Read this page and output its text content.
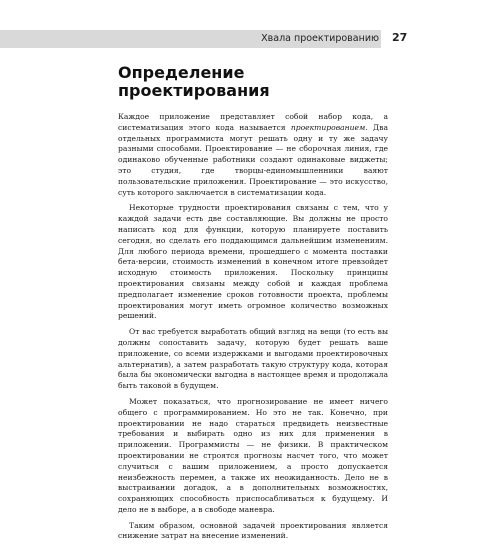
Хвала проектированию 27
Определение проектирования

Каждое приложение представляет собой набор кода, а систематизация этого кода называется проектированием. Два отдельных программиста могут решать одну и ту же задачу разными способами. Проектирование — не сборочная линия, где одинаково обученные работники создают одинаковые виджеты; это студия, где творцы-единомышленники ваяют пользовательские приложения. Проектирование — это искусство, суть которого заключается в систематизации кода.

Некоторые трудности проектирования связаны с тем, что у каждой задачи есть две составляющие. Вы должны не просто написать код для функции, которую планируете поставить сегодня, но сделать его поддающимся дальнейшим изменениям. Для любого периода времени, прошедшего с момента поставки бета-версии, стоимость изменений в конечном итоге превзойдет исходную стоимость приложения. Поскольку принципы проектирования связаны между собой и каждая проблема предполагает изменение сроков готовности проекта, проблемы проектирования могут иметь огромное количество возможных решений.

От вас требуется выработать общий взгляд на вещи (то есть вы должны сопоставить задачу, которую будет решать ваше приложение, со всеми издержками и выгодами проектировочных альтернатив), а затем разработать такую структуру кода, которая была бы экономически выгодна в настоящее время и продолжала быть таковой в будущем.

Может показаться, что прогнозирование не имеет ничего общего с программированием. Но это не так. Конечно, при проектировании не надо стараться предвидеть неизвестные требования и выбирать одно из них для применения в приложении. Программисты — не физики. В практическом проектировании не строятся прогнозы насчет того, что может случиться с вашим приложением, а просто допускается неизбежность перемен, а также их неожиданность. Дело не в выстраивании догадок, а в дополнительных возможностях, сохраняющих способность приспосабливаться к будущему. И дело не в выборе, а в свободе маневра.

Таким образом, основной задачей проектирования является снижение затрат на внесение изменений.
